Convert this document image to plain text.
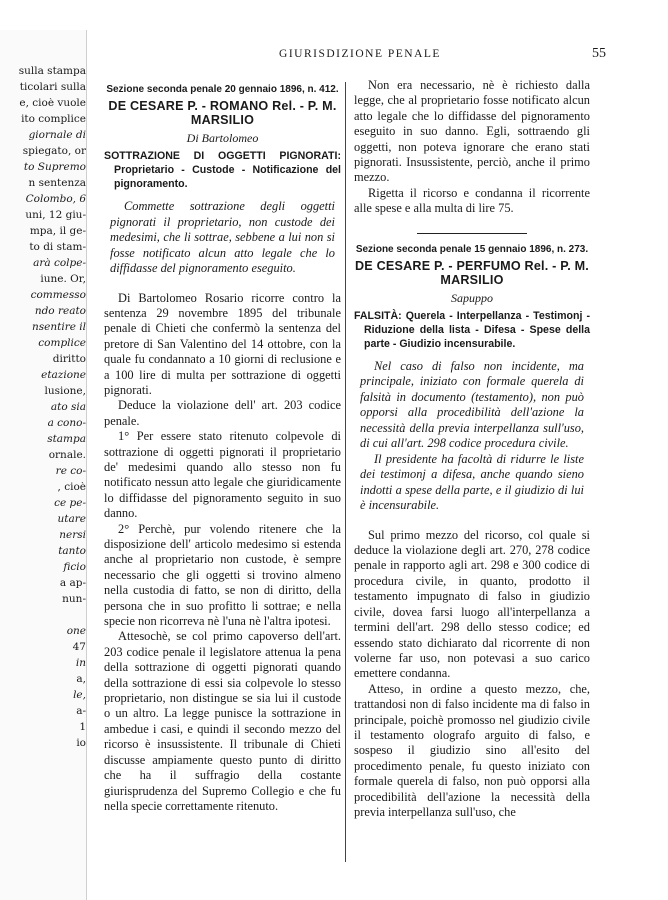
sulla stampa
ticolari sulla
e, cioè vuole
ito complice
giornale di
spiegato, or
to Supremo
n sentenza
Colombo, 6
uni, 12 giu-
mpa, il ge-
to di stam-
arà colpe-
iune. Or,
commesso
ndo reato
nsentire il
complice
diritto
etazione
lusione,
ato sia
a cono-
stampa
ornale.
re co-
, cioè
ce pe-
utare
nersi
tanto
ficio
a ap-
nun-
one
47
in
a,
le,
a-
1
io
GIURISDIZIONE PENALE	55
Sezione seconda penale 20 gennaio 1896, n. 412.
DE CESARE P. - ROMANO Rel. - P. M. MARSILIO
Di Bartolomeo
SOTTRAZIONE DI OGGETTI PIGNORATI: Proprietario - Custode - Notificazione del pignoramento.
Commette sottrazione degli oggetti pignorati il proprietario, non custode dei medesimi, che li sottrae, sebbene a lui non si fosse notificato alcun atto legale che lo diffidasse del pignoramento eseguito.

Di Bartolomeo Rosario ricorre contro la sentenza 29 novembre 1895 del tribunale penale di Chieti che confermò la sentenza del pretore di San Valentino del 14 ottobre, con la quale fu condannato a 10 giorni di reclusione e a 100 lire di multa per sottrazione di oggetti pignorati.

Deduce la violazione dell' art. 203 codice penale.

1° Per essere stato ritenuto colpevole di sottrazione di oggetti pignorati il proprietario de' medesimi quando allo stesso non fu notificato nessun atto legale che giuridicamente lo diffidasse del pignoramento seguito in suo danno.

2° Perchè, pur volendo ritenere che la disposizione dell' articolo medesimo si estenda anche al proprietario non custode, è sempre necessario che gli oggetti si trovino almeno nella custodia di fatto, se non di diritto, della persona che in suo profitto li sottrae; e nella specie non ricorreva nè l'una nè l'altra ipotesi.

Attesochè, se col primo capoverso dell'art. 203 codice penale il legislatore attenua la pena della sottrazione di oggetti pignorati quando della sottrazione di essi sia colpevole lo stesso proprietario, non distingue se sia lui il custode o un altro. La legge punisce la sottrazione in ambedue i casi, e quindi il secondo mezzo del ricorso è insussistente. Il tribunale di Chieti discusse ampiamente questo punto di diritto che ha il suffragio della costante giurisprudenza del Supremo Collegio e che fu nella specie correttamente ritenuto.

Non era necessario, nè è richiesto dalla legge, che al proprietario fosse notificato alcun atto legale che lo diffidasse del pignoramento eseguito in suo danno. Egli, sottraendo gli oggetti, non poteva ignorare che erano stati pignorati. Insussistente, perciò, anche il primo mezzo.

Rigetta il ricorso e condanna il ricorrente alle spese e alla multa di lire 75.

Sezione seconda penale 15 gennaio 1896, n. 273.
DE CESARE P. - PERFUMO Rel. - P. M. MARSILIO
Sapuppo
FALSITÀ: Querela - Interpellanza - Testimonj - Riduzione della lista - Difesa - Spese della parte - Giudizio incensurabile.
Nel caso di falso non incidente, ma principale, iniziato con formale querela di falsità in documento (testamento), non può opporsi alla procedibilità dell'azione la necessità della previa interpellanza sull'uso, di cui all'art. 298 codice procedura civile.
Il presidente ha facoltà di ridurre le liste dei testimonj a difesa, anche quando sieno indotti a spese della parte, e il giudizio di lui è incensurabile.

Sul primo mezzo del ricorso, col quale si deduce la violazione degli art. 270, 278 codice penale in rapporto agli art. 298 e 300 codice di procedura civile, in quanto, prodotto il testamento impugnato di falso in giudizio civile, dovea farsi luogo all'interpellanza a termini dell'art. 298 dello stesso codice; ed essendo stato dichiarato dal ricorrente di non volerne far uso, non potevasi a suo carico emettere condanna.

Atteso, in ordine a questo mezzo, che, trattandosi non di falso incidente ma di falso in principale, poichè promosso nel giudizio civile il testamento olografo arguito di falso, e sospeso il giudizio sino all'esito del procedimento penale, fu questo iniziato con formale querela di falso, non può opporsi alla procedibilità dell'azione la necessità della previa interpellanza sull'uso, che
